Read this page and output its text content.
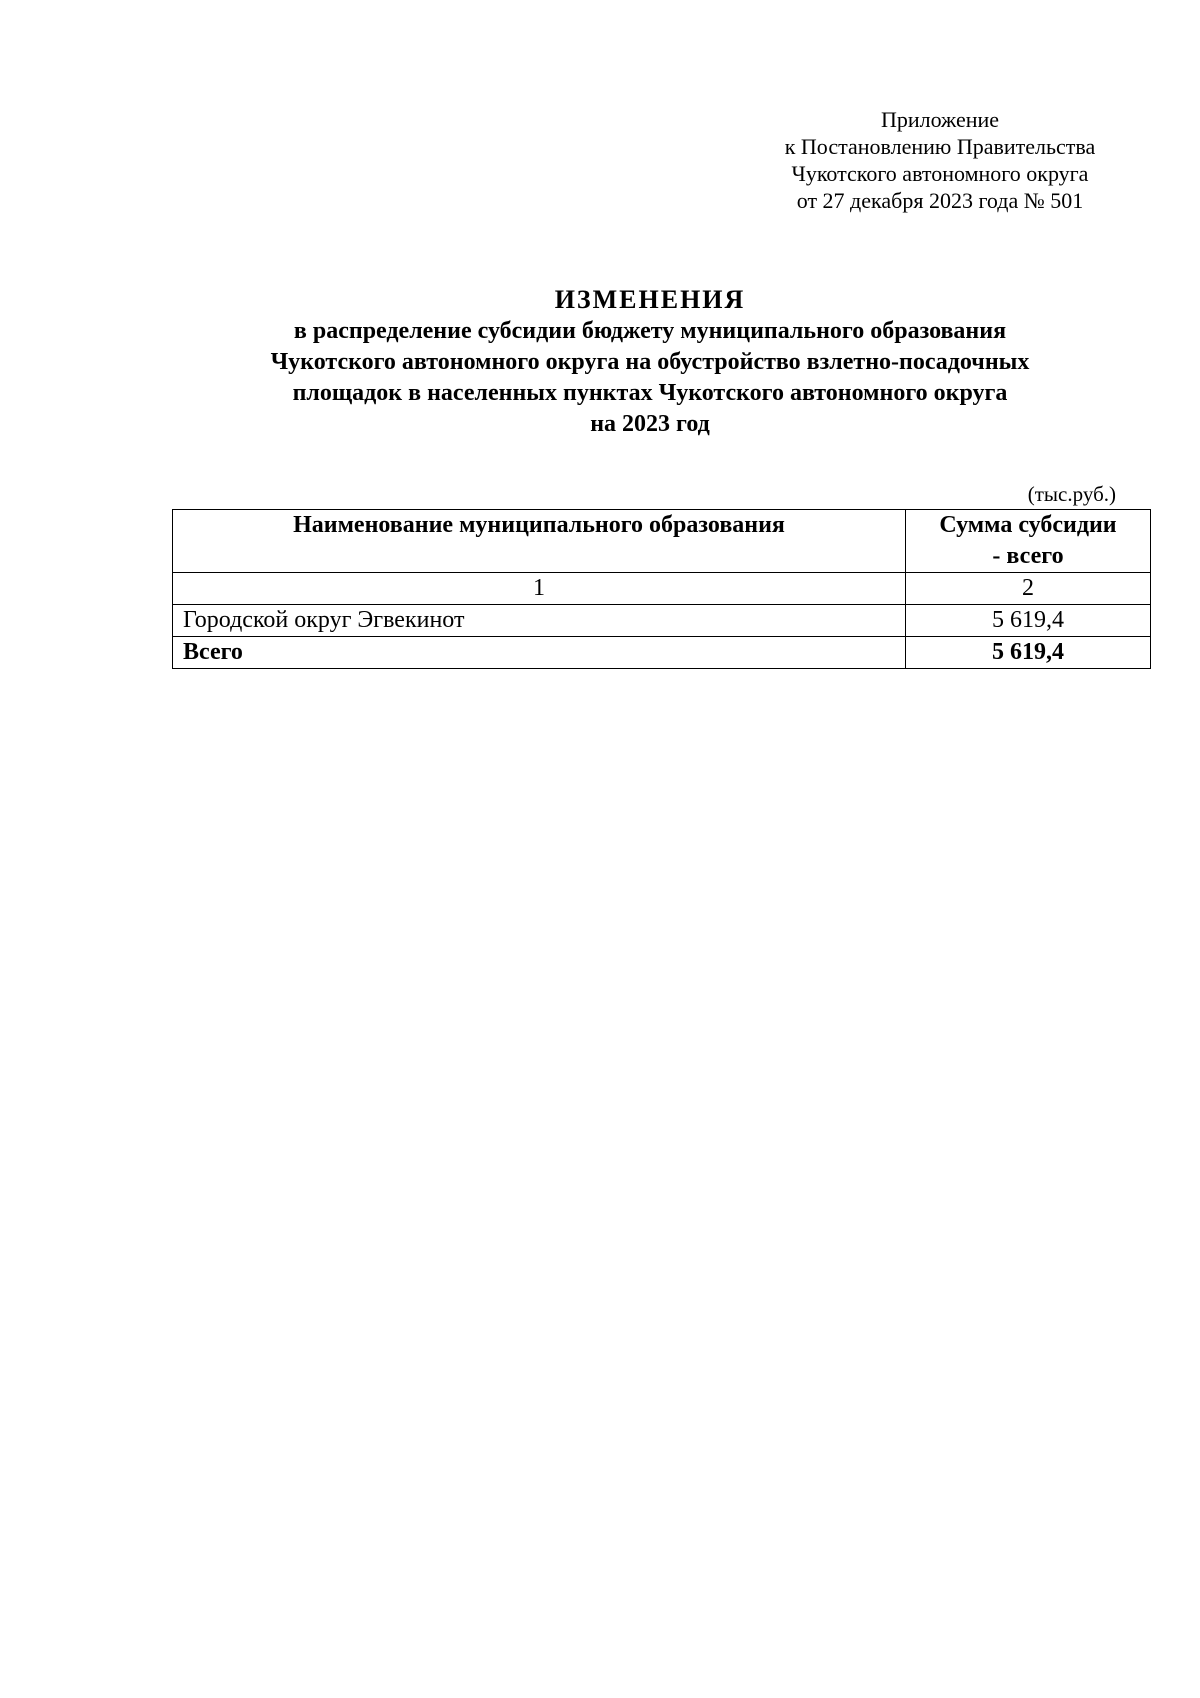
Приложение
к Постановлению Правительства
Чукотского автономного округа
от 27 декабря 2023 года № 501
ИЗМЕНЕНИЯ
в распределение субсидии бюджету муниципального образования
Чукотского автономного округа на обустройство взлетно-посадочных
площадок в населенных пунктах Чукотского автономного округа
на 2023 год
(тыс.руб.)
Наименование муниципального образования	Сумма субсидии
- всего

1	2
Городской округ Эгвекинот	5 619,4
Всего	5 619,4
